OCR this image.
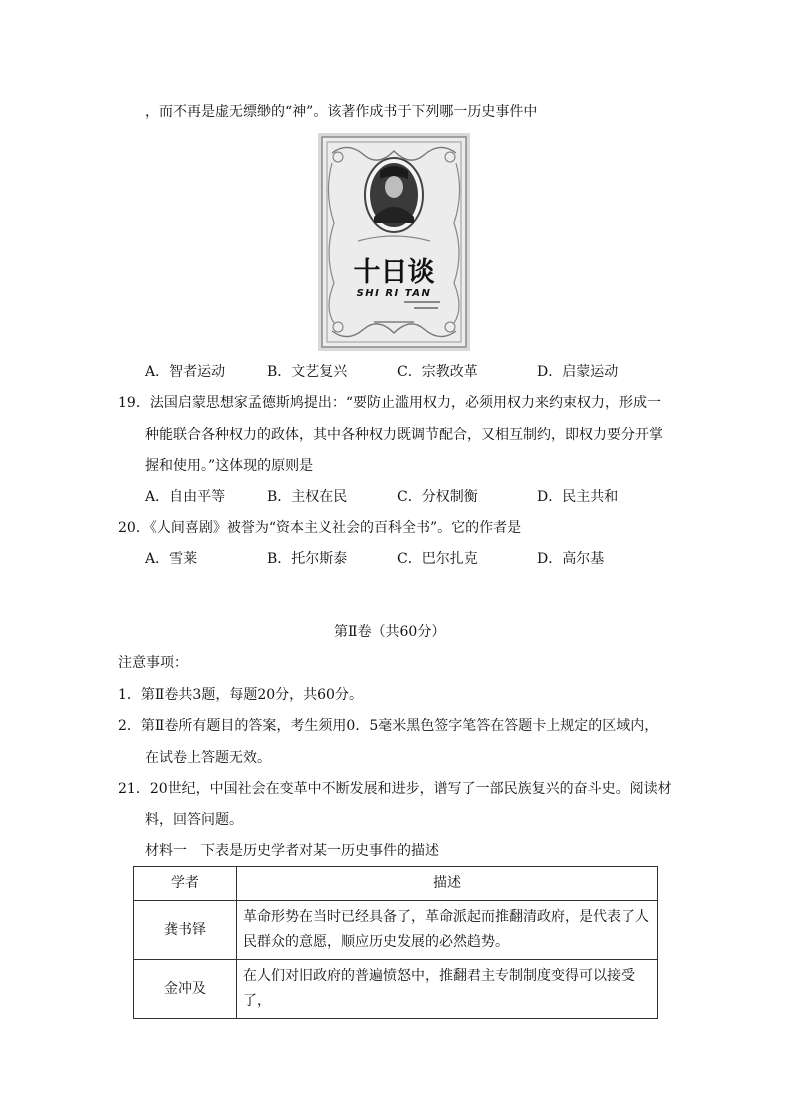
，而不再是虚无缥缈的“神”。该著作成书于下列哪一历史事件中
十日谈
SHI RI TAN
A．智者运动	B．文艺复兴	C．宗教改革	D．启蒙运动
19．法国启蒙思想家孟德斯鸠提出：“要防止滥用权力，必须用权力来约束权力，形成一
种能联合各种权力的政体，其中各种权力既调节配合，又相互制约，即权力要分开掌
握和使用。”这体现的原则是
A．自由平等	B．主权在民	C．分权制衡	D．民主共和
20．《人间喜剧》被誉为“资本主义社会的百科全书”。它的作者是
A．雪莱	B．托尔斯泰	C．巴尔扎克	D．高尔基
第Ⅱ卷（共60分）
注意事项：
1．第Ⅱ卷共3题，每题20分，共60分。
2．第Ⅱ卷所有题目的答案，考生须用0．5毫米黑色签字笔答在答题卡上规定的区域内，
在试卷上答题无效。
21．20世纪，中国社会在变革中不断发展和进步，谱写了一部民族复兴的奋斗史。阅读材
料，回答问题。
材料一　下表是历史学者对某一历史事件的描述
学者	描述
龚书铎	革命形势在当时已经具备了，革命派起而推翻清政府，是代表了人
民群众的意愿，顺应历史发展的必然趋势。

金冲及	在人们对旧政府的普遍愤怒中，推翻君主专制制度变得可以接受了，
